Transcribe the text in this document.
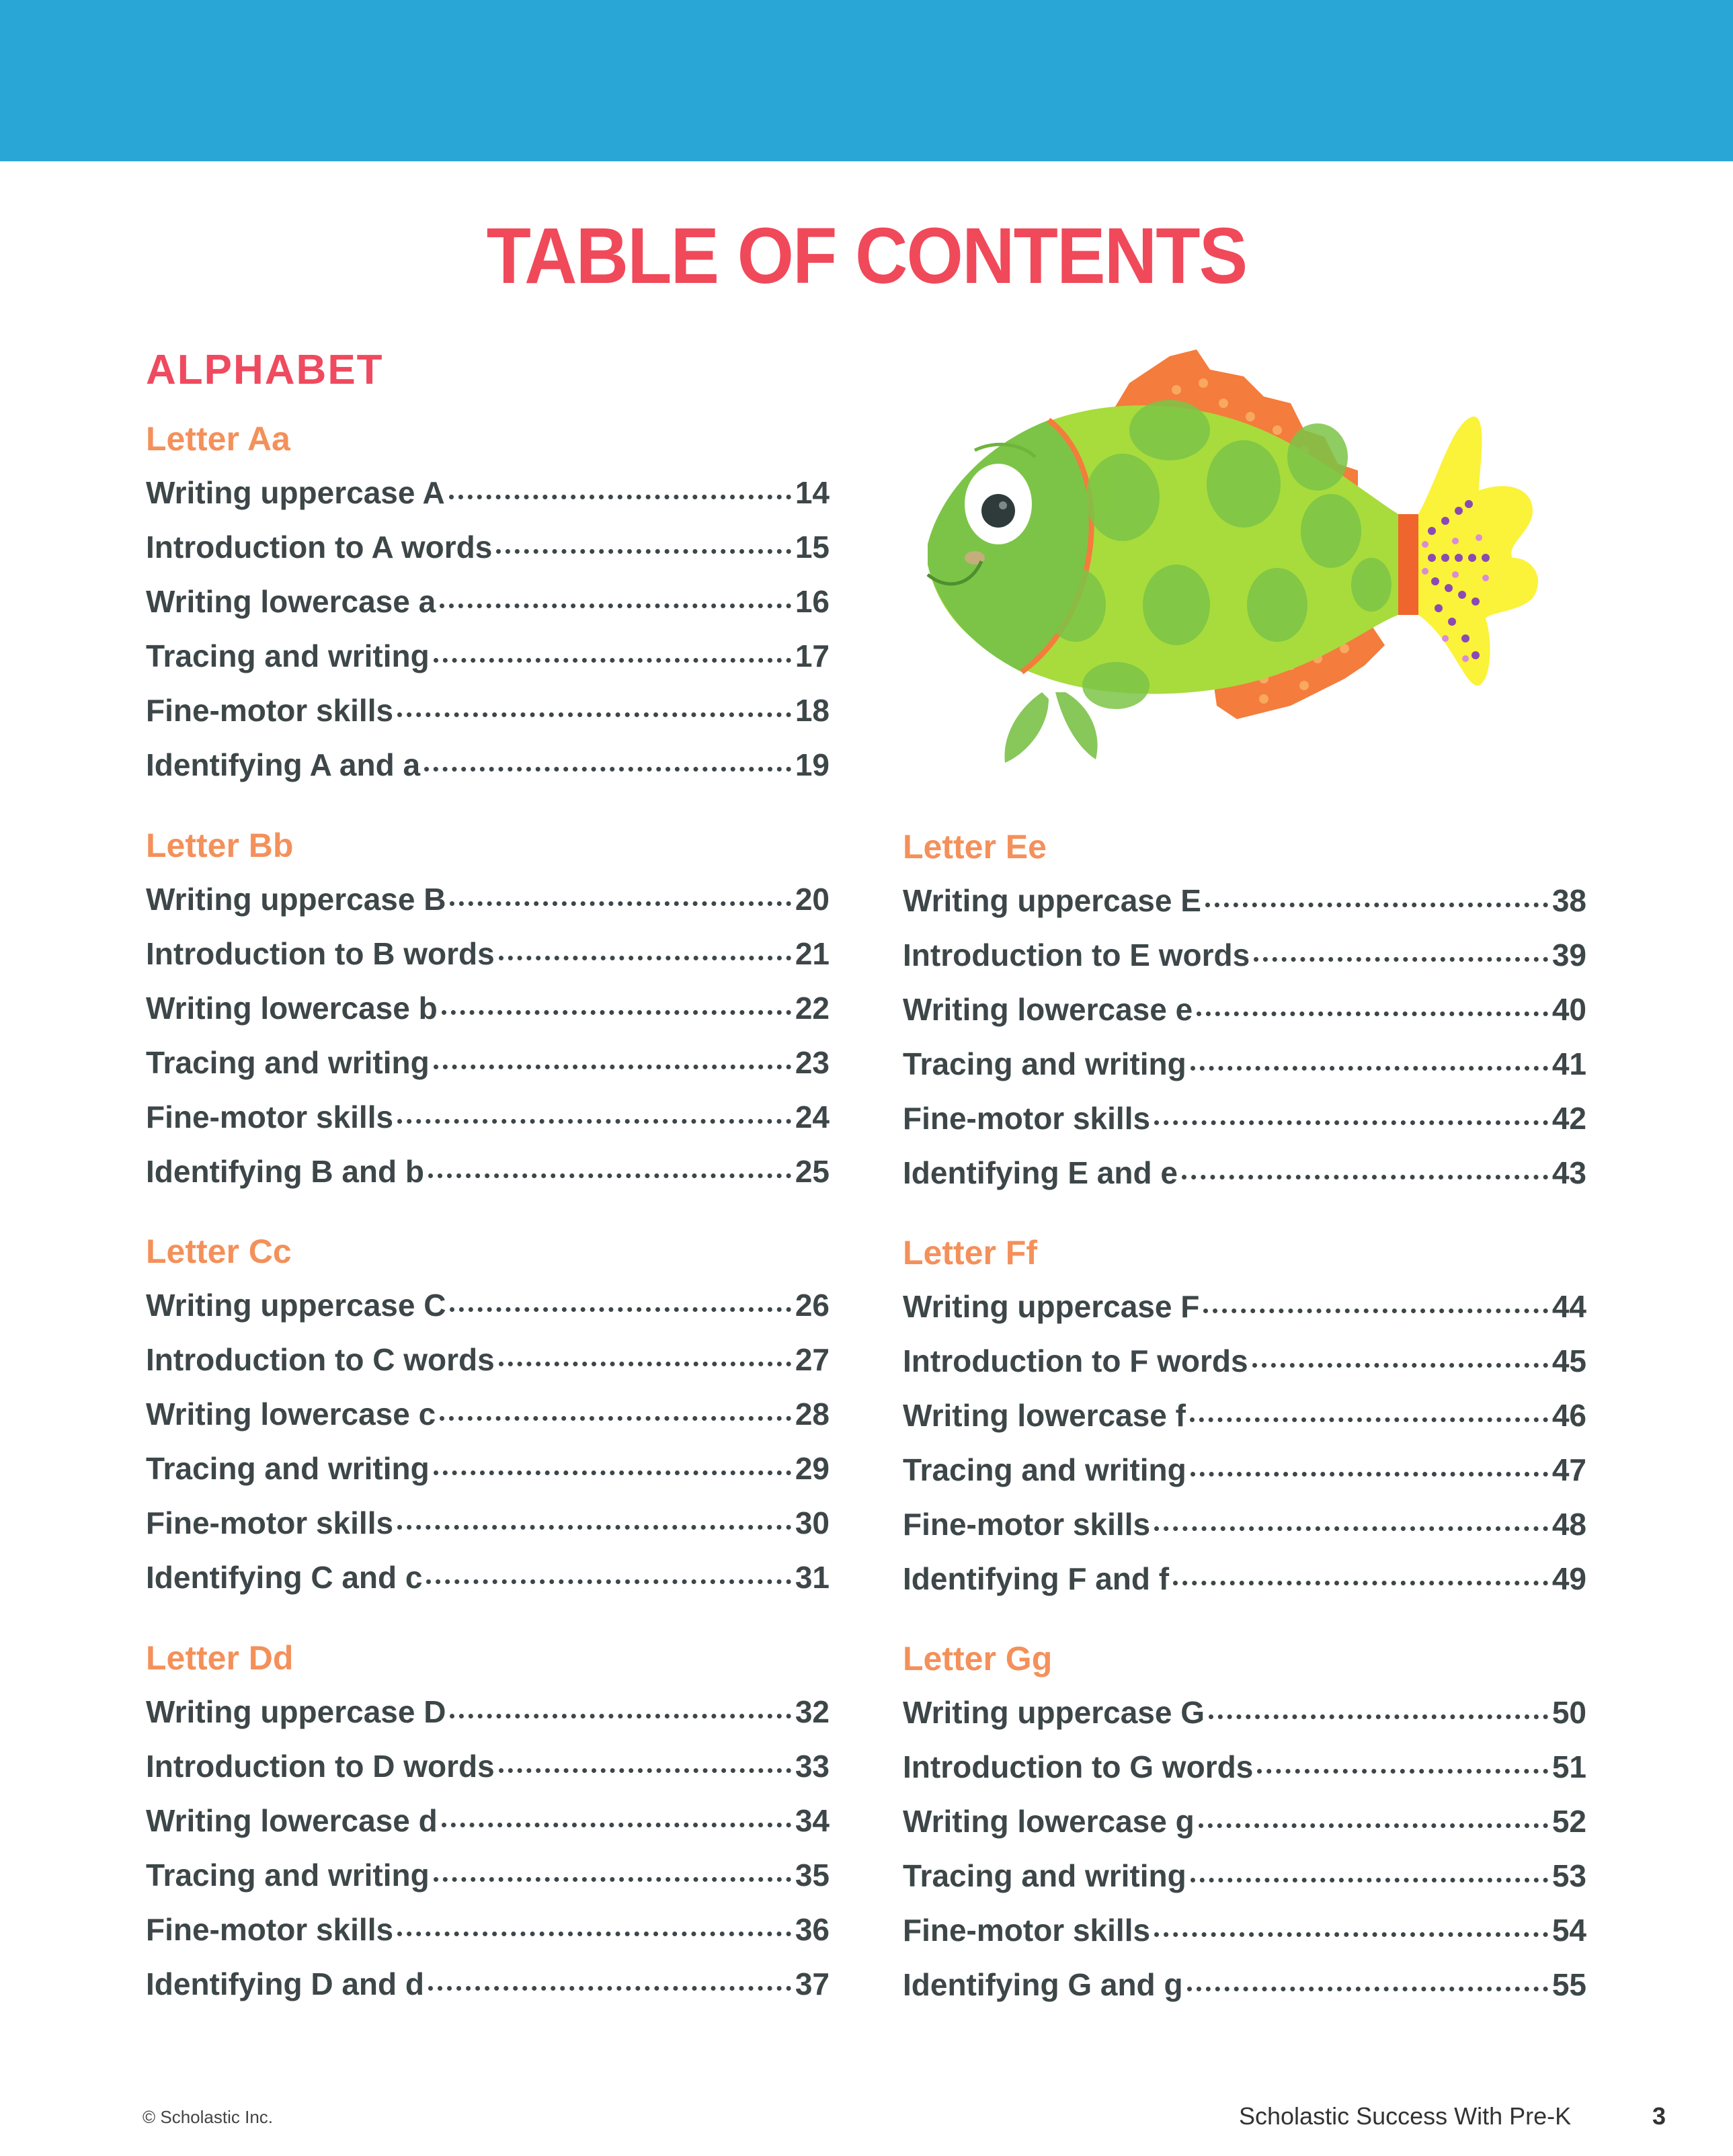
TABLE OF CONTENTS
ALPHABET
Letter Aa
Writing uppercase A	14
Introduction to A words	15
Writing lowercase a	16
Tracing and writing	17
Fine-motor skills	18
Identifying A and a	19
Letter Bb
Writing uppercase B	20
Introduction to B words	21
Writing lowercase b	22
Tracing and writing	23
Fine-motor skills	24
Identifying B and b	25
Letter Cc
Writing uppercase C	26
Introduction to C words	27
Writing lowercase c	28
Tracing and writing	29
Fine-motor skills	30
Identifying C and c	31
Letter Dd
Writing uppercase D	32
Introduction to D words	33
Writing lowercase d	34
Tracing and writing	35
Fine-motor skills	36
Identifying D and d	37
Letter Ee
Writing uppercase E	38
Introduction to E words	39
Writing lowercase e	40
Tracing and writing	41
Fine-motor skills	42
Identifying E and e	43
Letter Ff
Writing uppercase F	44
Introduction to F words	45
Writing lowercase f	46
Tracing and writing	47
Fine-motor skills	48
Identifying F and f	49
Letter Gg
Writing uppercase G	50
Introduction to G words	51
Writing lowercase g	52
Tracing and writing	53
Fine-motor skills	54
Identifying G and g	55
© Scholastic Inc.	Scholastic Success With Pre-K	3
